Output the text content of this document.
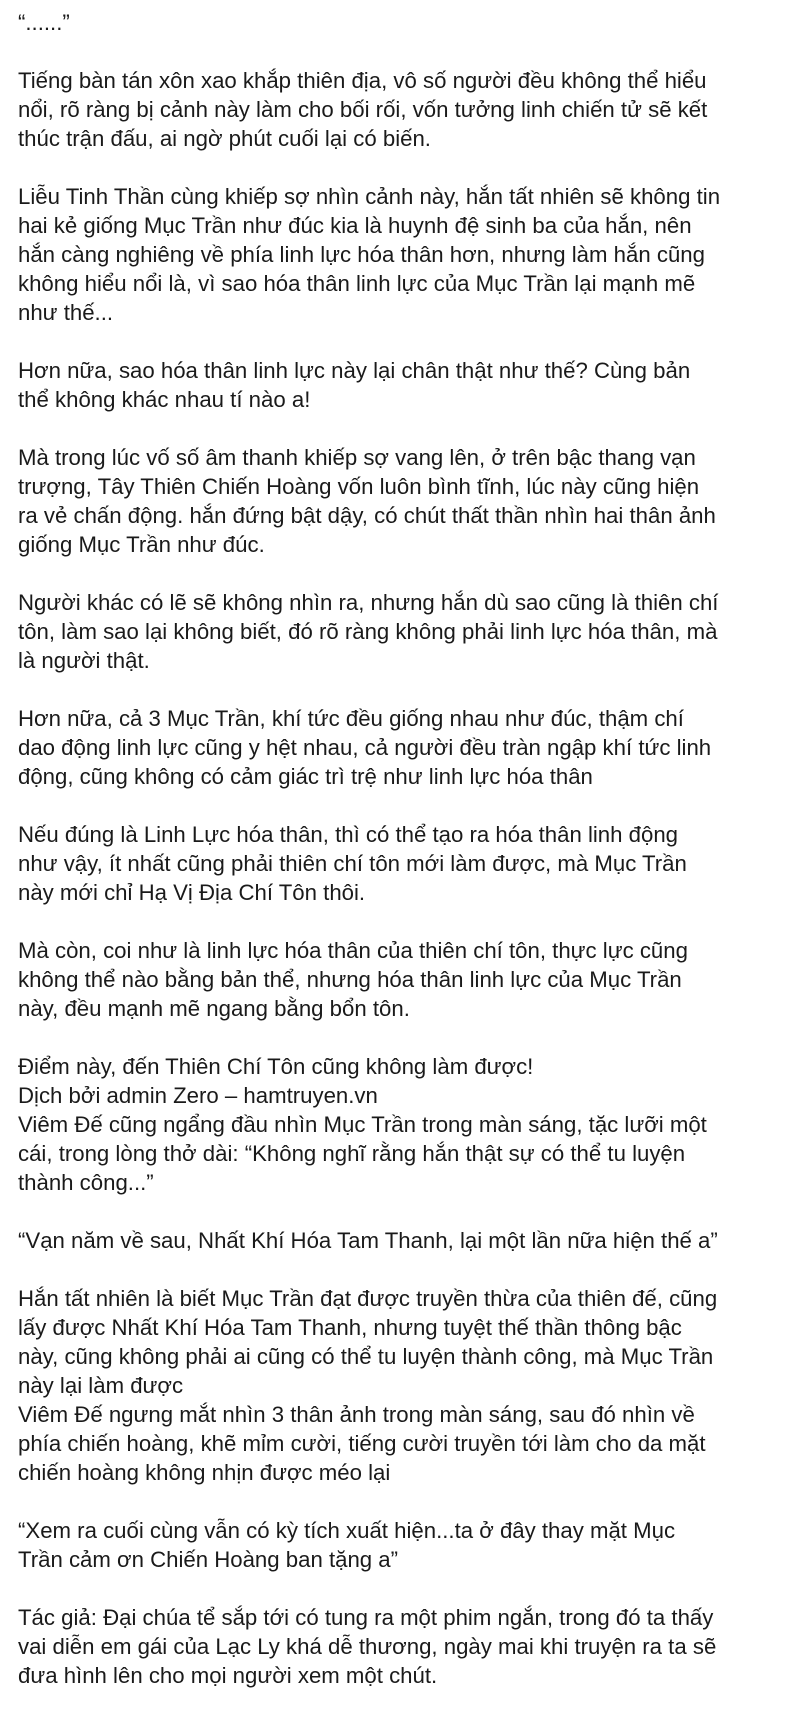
“......”

Tiếng bàn tán xôn xao khắp thiên địa, vô số người đều không thể hiểu
nổi, rõ ràng bị cảnh này làm cho bối rối, vốn tưởng linh chiến tử sẽ kết
thúc trận đấu, ai ngờ phút cuối lại có biến.

Liễu Tinh Thần cùng khiếp sợ nhìn cảnh này, hắn tất nhiên sẽ không tin
hai kẻ giống Mục Trần như đúc kia là huynh đệ sinh ba của hắn, nên
hắn càng nghiêng về phía linh lực hóa thân hơn, nhưng làm hắn cũng
không hiểu nổi là, vì sao hóa thân linh lực của Mục Trần lại mạnh mẽ
như thế...

Hơn nữa, sao hóa thân linh lực này lại chân thật như thế? Cùng bản
thể không khác nhau tí nào a!

Mà trong lúc vố số âm thanh khiếp sợ vang lên, ở trên bậc thang vạn
trượng, Tây Thiên Chiến Hoàng vốn luôn bình tĩnh, lúc này cũng hiện
ra vẻ chấn động. hắn đứng bật dậy, có chút thất thần nhìn hai thân ảnh
giống Mục Trần như đúc.

Người khác có lẽ sẽ không nhìn ra, nhưng hắn dù sao cũng là thiên chí
tôn, làm sao lại không biết, đó rõ ràng không phải linh lực hóa thân, mà
là người thật.

Hơn nữa, cả 3 Mục Trần, khí tức đều giống nhau như đúc, thậm chí
dao động linh lực cũng y hệt nhau, cả người đều tràn ngập khí tức linh
động, cũng không có cảm giác trì trệ như linh lực hóa thân

Nếu đúng là Linh Lực hóa thân, thì có thể tạo ra hóa thân linh động
như vậy, ít nhất cũng phải thiên chí tôn mới làm được, mà Mục Trần
này mới chỉ Hạ Vị Địa Chí Tôn thôi.

Mà còn, coi như là linh lực hóa thân của thiên chí tôn, thực lực cũng
không thể nào bằng bản thể, nhưng hóa thân linh lực của Mục Trần
này, đều mạnh mẽ ngang bằng bổn tôn.

Điểm này, đến Thiên Chí Tôn cũng không làm được!

Dịch bởi admin Zero – hamtruyen.vn

Viêm Đế cũng ngẩng đầu nhìn Mục Trần trong màn sáng, tặc lưỡi một
cái, trong lòng thở dài: “Không nghĩ rằng hắn thật sự có thể tu luyện
thành công...”

“Vạn năm về sau, Nhất Khí Hóa Tam Thanh, lại một lần nữa hiện thế a”

Hắn tất nhiên là biết Mục Trần đạt được truyền thừa của thiên đế, cũng
lấy được Nhất Khí Hóa Tam Thanh, nhưng tuyệt thế thần thông bậc
này, cũng không phải ai cũng có thể tu luyện thành công, mà Mục Trần
này lại làm được

Viêm Đế ngưng mắt nhìn 3 thân ảnh trong màn sáng, sau đó nhìn về
phía chiến hoàng, khẽ mỉm cười, tiếng cười truyền tới làm cho da mặt
chiến hoàng không nhịn được méo lại

“Xem ra cuối cùng vẫn có kỳ tích xuất hiện...ta ở đây thay mặt Mục
Trần cảm ơn Chiến Hoàng ban tặng a”

Tác giả: Đại chúa tể sắp tới có tung ra một phim ngắn, trong đó ta thấy
vai diễn em gái của Lạc Ly khá dễ thương, ngày mai khi truyện ra ta sẽ
đưa hình lên cho mọi người xem một chút.
